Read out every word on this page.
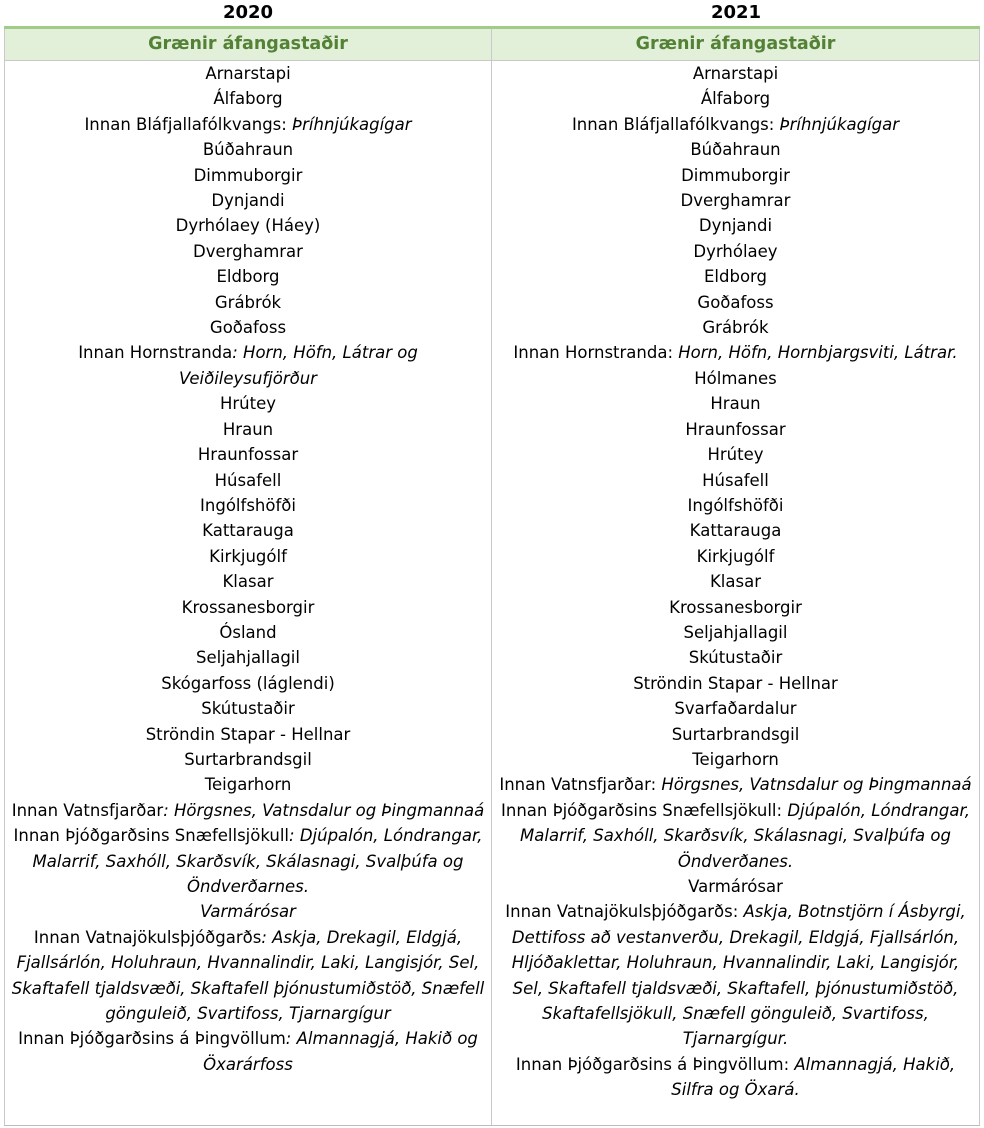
2020	2021
Grænir áfangastaðir
Arnarstapi
Álfaborg
Innan Bláfjallafólkvangs: Þríhnjúkagígar
Búðahraun
Dimmuborgir
Dynjandi
Dyrhólaey (Háey)
Dverghamrar
Eldborg
Grábrók
Goðafoss
Innan Hornstranda: Horn, Höfn, Látrar og Veiðileysufjörður
Hrútey
Hraun
Hraunfossar
Húsafell
Ingólfshöfði
Kattarauga
Kirkjugólf
Klasar
Krossanesborgir
Ósland
Seljahjallagil
Skógarfoss (láglendi)
Skútustaðir
Ströndin Stapar - Hellnar
Surtarbrandsgil
Teigarhorn
Innan Vatnsfjarðar: Hörgsnes, Vatnsdalur og Þingmannaá
Innan Þjóðgarðsins Snæfellsjökull: Djúpalón, Lóndrangar, Malarrif, Saxhóll, Skarðsvík, Skálasnagi, Svalþúfa og Öndverðarnes.
Varmárósar
Innan Vatnajökulsþjóðgarðs: Askja, Drekagil, Eldgjá, Fjallsárlón, Holuhraun, Hvannalindir, Laki, Langisjór, Sel, Skaftafell tjaldsvæði, Skaftafell þjónustumiðstöð, Snæfell gönguleið, Svartifoss, Tjarnargígur
Innan Þjóðgarðsins á Þingvöllum: Almannagjá, Hakið og Öxarárfoss
Grænir áfangastaðir
Arnarstapi
Álfaborg
Innan Bláfjallafólkvangs: Þríhnjúkagígar
Búðahraun
Dimmuborgir
Dverghamrar
Dynjandi
Dyrhólaey
Eldborg
Goðafoss
Grábrók
Innan Hornstranda: Horn, Höfn, Hornbjargsviti, Látrar.
Hólmanes
Hraun
Hraunfossar
Hrútey
Húsafell
Ingólfshöfði
Kattarauga
Kirkjugólf
Klasar
Krossanesborgir
Seljahjallagil
Skútustaðir
Ströndin Stapar - Hellnar
Svarfaðardalur
Surtarbrandsgil
Teigarhorn
Innan Vatnsfjarðar: Hörgsnes, Vatnsdalur og Þingmannaá
Innan Þjóðgarðsins Snæfellsjökull: Djúpalón, Lóndrangar, Malarrif, Saxhóll, Skarðsvík, Skálasnagi, Svalþúfa og Öndverðanes.
Varmárósar
Innan Vatnajökulsþjóðgarðs: Askja, Botnstjörn í Ásbyrgi, Dettifoss að vestanverðu, Drekagil, Eldgjá, Fjallsárlón, Hljóðaklettar, Holuhraun, Hvannalindir, Laki, Langisjór, Sel, Skaftafell tjaldsvæði, Skaftafell, þjónustumiðstöð, Skaftafellsjökull, Snæfell gönguleið, Svartifoss, Tjarnargígur.
Innan Þjóðgarðsins á Þingvöllum: Almannagjá, Hakið, Silfra og Öxará.
